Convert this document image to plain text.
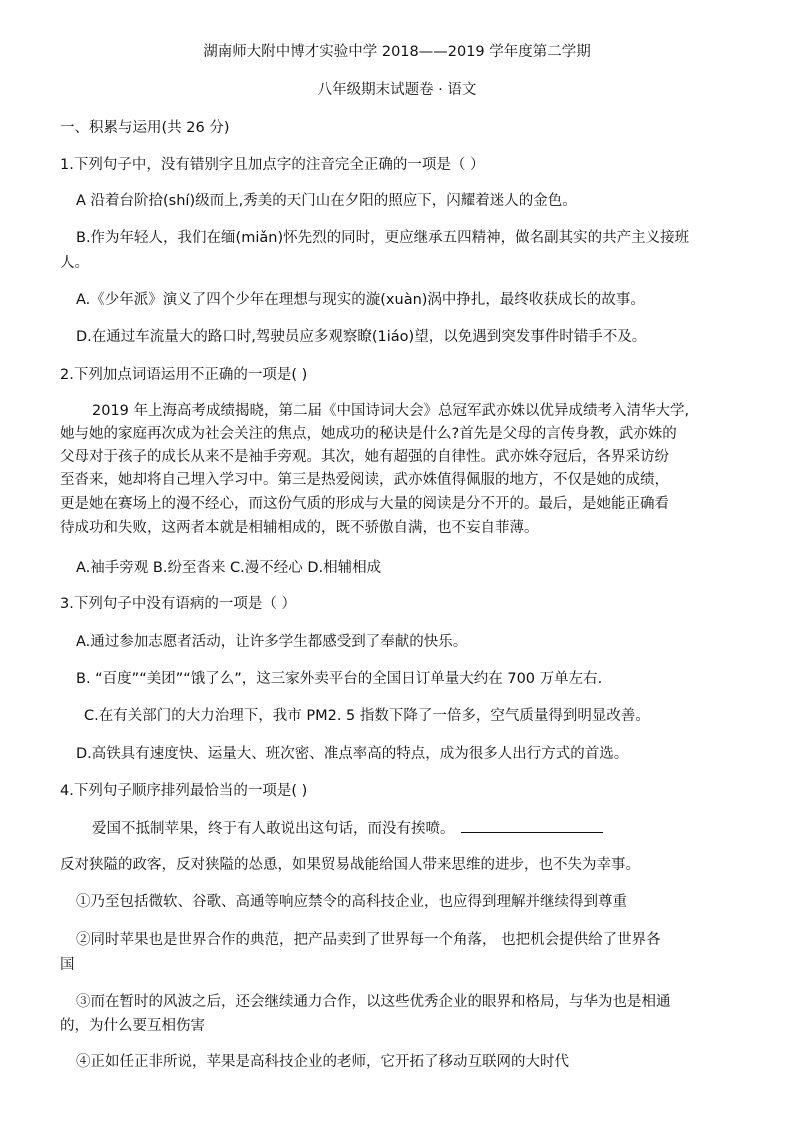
湖南师大附中博才实验中学 2018——2019 学年度第二学期

八年级期末试题卷 · 语文

一、积累与运用(共 26 分)

1.下列句子中，没有错别字且加点字的注音完全正确的一项是（ ）

A 沿着台阶拾(shí)级而上,秀美的天门山在夕阳的照应下，闪耀着迷人的金色。

B.作为年轻人，我们在缅(miǎn)怀先烈的同时，更应继承五四精神，做名副其实的共产主义接班

人。

A.《少年派》演义了四个少年在理想与现实的漩(xuàn)涡中挣扎，最终收获成长的故事。

D.在通过车流量大的路口时,驾驶员应多观察瞭(1iáo)望，以免遇到突发事件时错手不及。

2.下列加点词语运用不正确的一项是( )

2019 年上海高考成绩揭晓，第二届《中国诗词大会》总冠军武亦姝以优异成绩考入清华大学,

她与她的家庭再次成为社会关注的焦点，她成功的秘诀是什么?首先是父母的言传身教，武亦姝的

父母对于孩子的成长从来不是袖手旁观。其次，她有超强的自律性。武亦姝夺冠后，各界采访纷

至沓来，她却将自己埋入学习中。第三是热爱阅读，武亦姝值得佩服的地方，不仅是她的成绩，

更是她在赛场上的漫不经心，而这份气质的形成与大量的阅读是分不开的。最后，是她能正确看

待成功和失败，这两者本就是相辅相成的，既不骄傲自满，也不妄自菲薄。

A.袖手旁观 B.纷至沓来 C.漫不经心 D.相辅相成

3.下列句子中没有语病的一项是（ ）

A.通过参加志愿者活动，让许多学生都感受到了奉献的快乐。

B. “百度”“美团”“饿了么”，这三家外卖平台的全国日订单量大约在 700 万单左右.

C.在有关部门的大力治理下，我市 PM2. 5 指数下降了一倍多，空气质量得到明显改善。

D.高铁具有速度快、运量大、班次密、准点率高的特点，成为很多人出行方式的首选。

4.下列句子顺序排列最恰当的一项是( )

爱国不抵制苹果，终于有人敢说出这句话，而没有挨喷。

反对狭隘的政客，反对狭隘的怂恿，如果贸易战能给国人带来思维的进步，也不失为幸事。

①乃至包括微软、谷歌、高通等响应禁令的高科技企业，也应得到理解并继续得到尊重

②同时苹果也是世界合作的典范，把产品卖到了世界每一个角落， 也把机会提供给了世界各

国

③而在暂时的风波之后，还会继续通力合作，以这些优秀企业的眼界和格局，与华为也是相通

的，为什么要互相伤害

④正如任正非所说，苹果是高科技企业的老师，它开拓了移动互联网的大时代
